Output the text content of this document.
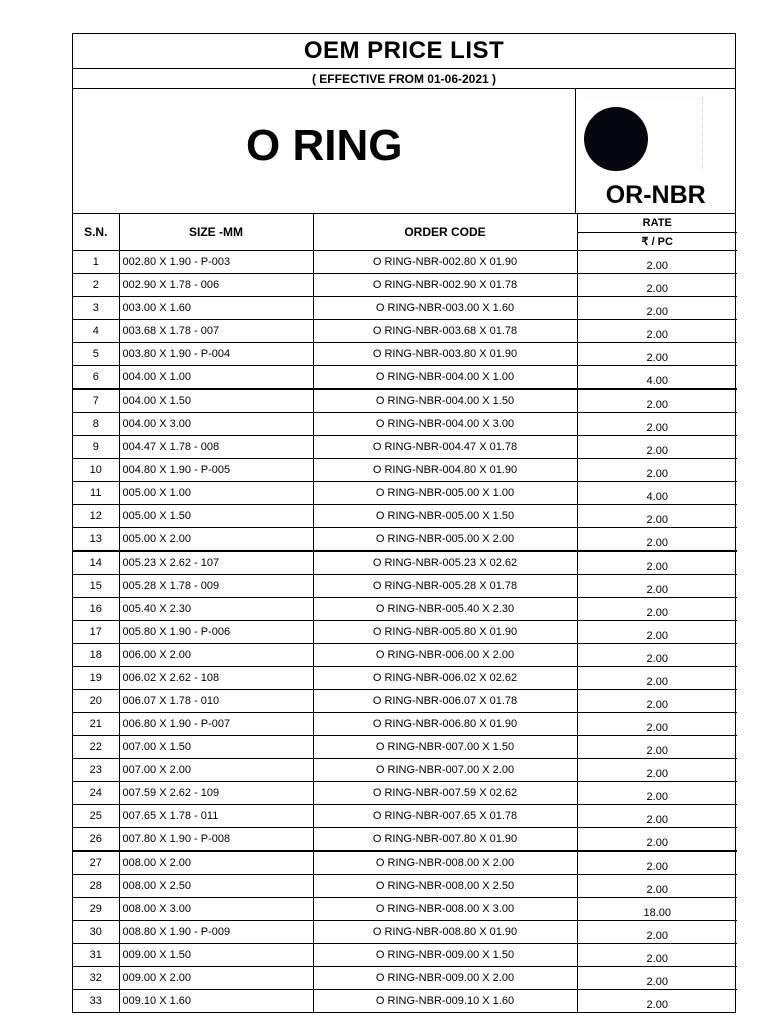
OEM PRICE LIST
( EFFECTIVE FROM 01-06-2021 )
O RING
OR-NBR
S.N.	SIZE -MM	ORDER CODE	RATE
			₹ / PC
1	002.80 X 1.90 - P-003	O RING-NBR-002.80 X 01.90	2.00
2	002.90 X 1.78 - 006	O RING-NBR-002.90 X 01.78	2.00
3	003.00 X 1.60	O RING-NBR-003.00 X 1.60	2.00
4	003.68 X 1.78 - 007	O RING-NBR-003.68 X 01.78	2.00
5	003.80 X 1.90 - P-004	O RING-NBR-003.80 X 01.90	2.00
6	004.00 X 1.00	O RING-NBR-004.00 X 1.00	4.00
7	004.00 X 1.50	O RING-NBR-004.00 X 1.50	2.00
8	004.00 X 3.00	O RING-NBR-004.00 X 3.00	2.00
9	004.47 X 1.78 - 008	O RING-NBR-004.47 X 01.78	2.00
10	004.80 X 1.90 - P-005	O RING-NBR-004.80 X 01.90	2.00
11	005.00 X 1.00	O RING-NBR-005.00 X 1.00	4.00
12	005.00 X 1.50	O RING-NBR-005.00 X 1.50	2.00
13	005.00 X 2.00	O RING-NBR-005.00 X 2.00	2.00
14	005.23 X 2.62 - 107	O RING-NBR-005.23 X 02.62	2.00
15	005.28 X 1.78 - 009	O RING-NBR-005.28 X 01.78	2.00
16	005.40 X 2.30	O RING-NBR-005.40 X 2.30	2.00
17	005.80 X 1.90 - P-006	O RING-NBR-005.80 X 01.90	2.00
18	006.00 X 2.00	O RING-NBR-006.00 X 2.00	2.00
19	006.02 X 2.62 - 108	O RING-NBR-006.02 X 02.62	2.00
20	006.07 X 1.78 - 010	O RING-NBR-006.07 X 01.78	2.00
21	006.80 X 1.90 - P-007	O RING-NBR-006.80 X 01.90	2.00
22	007.00 X 1.50	O RING-NBR-007.00 X 1.50	2.00
23	007.00 X 2.00	O RING-NBR-007.00 X 2.00	2.00
24	007.59 X 2.62 - 109	O RING-NBR-007.59 X 02.62	2.00
25	007.65 X 1.78 - 011	O RING-NBR-007.65 X 01.78	2.00
26	007.80 X 1.90 - P-008	O RING-NBR-007.80 X 01.90	2.00
27	008.00 X 2.00	O RING-NBR-008.00 X 2.00	2.00
28	008.00 X 2.50	O RING-NBR-008.00 X 2.50	2.00
29	008.00 X 3.00	O RING-NBR-008.00 X 3.00	18.00
30	008.80 X 1.90 - P-009	O RING-NBR-008.80 X 01.90	2.00
31	009.00 X 1.50	O RING-NBR-009.00 X 1.50	2.00
32	009.00 X 2.00	O RING-NBR-009.00 X 2.00	2.00
33	009.10 X 1.60	O RING-NBR-009.10 X 1.60	2.00
